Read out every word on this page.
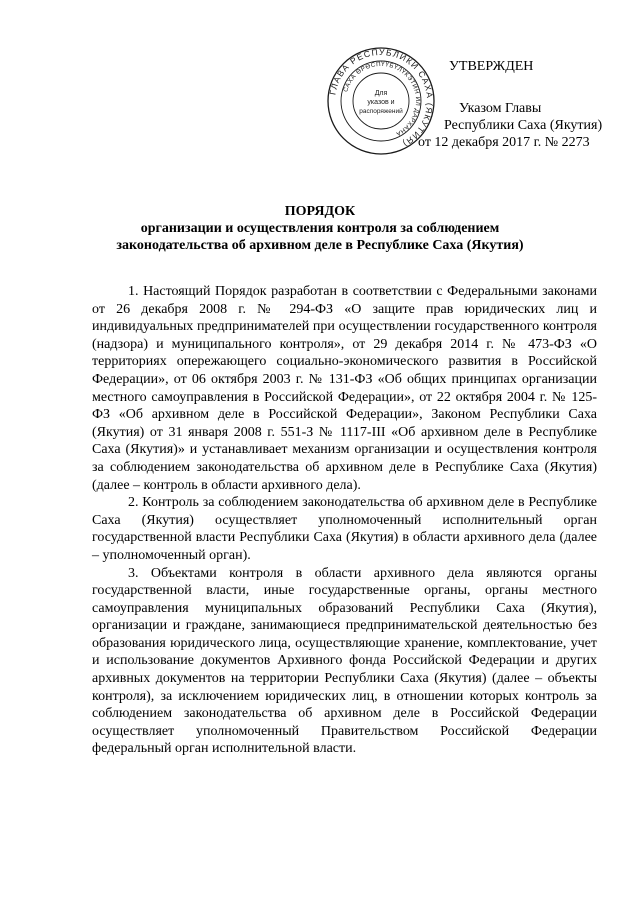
ГЛАВА РЕСПУБЛИКИ САХА (ЯКУТИЯ)
САХА ӨРӨСПҮҮБҮЛҮКЭТИН ИЛ ДАРХАНА
Для
указов и
распоряжений
УТВЕРЖДЕН
Указом Главы
Республики Саха (Якутия)
от 12 декабря 2017 г. № 2273
ПОРЯДОК
организации и осуществления контроля за соблюдением
законодательства об архивном деле в Республике Саха (Якутия)

1. Настоящий Порядок разработан в соответствии с Федеральными законами от 26 декабря 2008 г. № 294-ФЗ «О защите прав юридических лиц и индивидуальных предпринимателей при осуществлении государственного контроля (надзора) и муниципального контроля», от 29 декабря 2014 г. № 473-ФЗ «О территориях опережающего социально-экономического развития в Российской Федерации», от 06 октября 2003 г. № 131-ФЗ «Об общих принципах организации местного самоуправления в Российской Федерации», от 22 октября 2004 г. № 125-ФЗ «Об архивном деле в Российской Федерации», Законом Республики Саха (Якутия) от 31 января 2008 г. 551-З № 1117-III «Об архивном деле в Республике Саха (Якутия)» и устанавливает механизм организации и осуществления контроля за соблюдением законодательства об архивном деле в Республике Саха (Якутия) (далее – контроль в области архивного дела).

2. Контроль за соблюдением законодательства об архивном деле в Республике Саха (Якутия) осуществляет уполномоченный исполнительный орган государственной власти Республики Саха (Якутия) в области архивного дела (далее – уполномоченный орган).

3. Объектами контроля в области архивного дела являются органы государственной власти, иные государственные органы, органы местного самоуправления муниципальных образований Республики Саха (Якутия), организации и граждане, занимающиеся предпринимательской деятельностью без образования юридического лица, осуществляющие хранение, комплектование, учет и использование документов Архивного фонда Российской Федерации и других архивных документов на территории Республики Саха (Якутия) (далее – объекты контроля), за исключением юридических лиц, в отношении которых контроль за соблюдением законодательства об архивном деле в Российской Федерации осуществляет уполномоченный Правительством Российской Федерации федеральный орган исполнительной власти.
